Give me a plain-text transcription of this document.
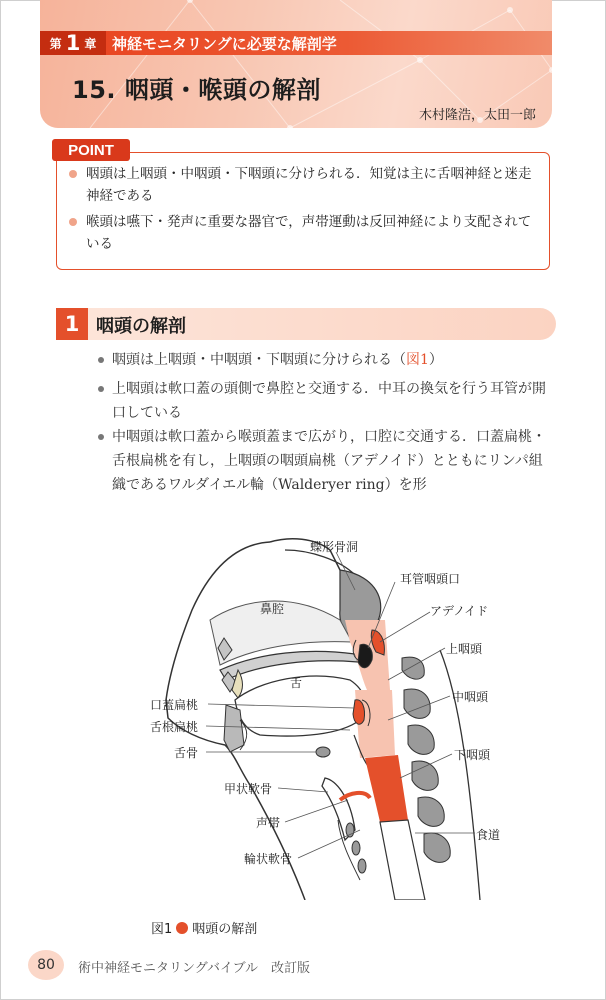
第 1 章 神経モニタリングに必要な解剖学
15. 咽頭・喉頭の解剖
木村隆浩，太田一郎
POINT
咽頭は上咽頭・中咽頭・下咽頭に分けられる．知覚は主に舌咽神経と迷走神経である
喉頭は嚥下・発声に重要な器官で，声帯運動は反回神経により支配されている
1 咽頭の解剖
咽頭は上咽頭・中咽頭・下咽頭に分けられる（図1）
上咽頭は軟口蓋の頭側で鼻腔と交通する．中耳の換気を行う耳管が開口している
中咽頭は軟口蓋から喉頭蓋まで広がり，口腔に交通する．口蓋扁桃・舌根扁桃を有し，上咽頭の咽頭扁桃（アデノイド）とともにリンパ組織であるワルダイエル輪（Walderyer ring）を形
蝶形骨洞
耳管咽頭口
アデノイド
鼻腔
上咽頭
舌
中咽頭
口蓋扁桃
舌根扁桃
舌骨	下咽頭
甲状軟骨
声帯
食道
輪状軟骨
図1 咽頭の解剖
80	術中神経モニタリングバイブル　改訂版
